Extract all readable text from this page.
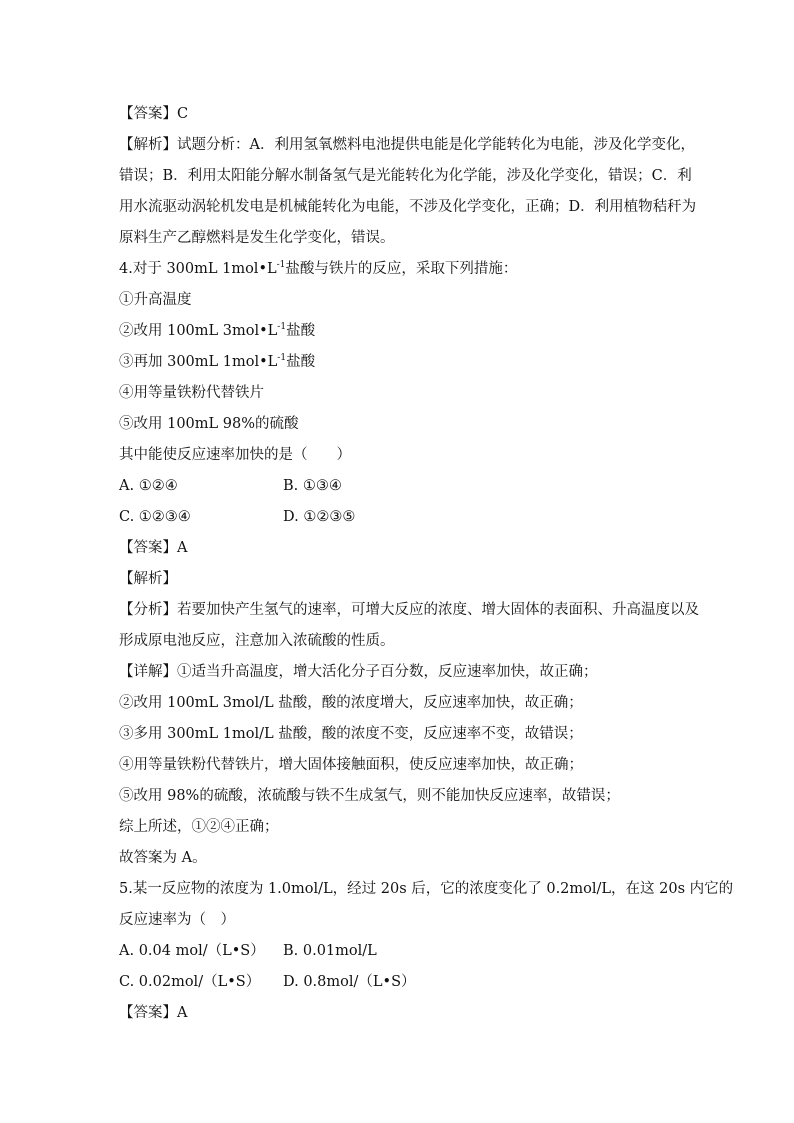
【答案】C
【解析】试题分析：A．利用氢氧燃料电池提供电能是化学能转化为电能，涉及化学变化，
错误；B．利用太阳能分解水制备氢气是光能转化为化学能，涉及化学变化，错误；C．利
用水流驱动涡轮机发电是机械能转化为电能，不涉及化学变化，正确；D．利用植物秸秆为
原料生产乙醇燃料是发生化学变化，错误。
4.对于 300mL $1mol•L^{-1}$盐酸与铁片的反应，采取下列措施：
①升高温度
②改用 100mL $3mol•L^{-1}$盐酸
③再加 300mL $1mol•L^{-1}$盐酸
④用等量铁粉代替铁片
⑤改用 100mL 98%的硫酸
其中能使反应速率加快的是（　　）
A. ①②④	B. ①③④
C. ①②③④	D. ①②③⑤
【答案】A
【解析】
【分析】若要加快产生氢气的速率，可增大反应的浓度、增大固体的表面积、升高温度以及
形成原电池反应，注意加入浓硫酸的性质。
【详解】①适当升高温度，增大活化分子百分数，反应速率加快，故正确；
②改用 100mL 3mol/L 盐酸，酸的浓度增大，反应速率加快，故正确；
③多用 300mL 1mol/L 盐酸，酸的浓度不变，反应速率不变，故错误；
④用等量铁粉代替铁片，增大固体接触面积，使反应速率加快，故正确；
⑤改用 98%的硫酸，浓硫酸与铁不生成氢气，则不能加快反应速率，故错误；
综上所述，①②④正确；
故答案为 A。
5.某一反应物的浓度为 1.0mol/L，经过 20s 后，它的浓度变化了 0.2mol/L，在这 20s 内它的
反应速率为（　）
A. 0.04 mol/（L•S） B. 0.01mol/L
C. 0.02mol/（L•S） D. 0.8mol/（L•S）
【答案】A
